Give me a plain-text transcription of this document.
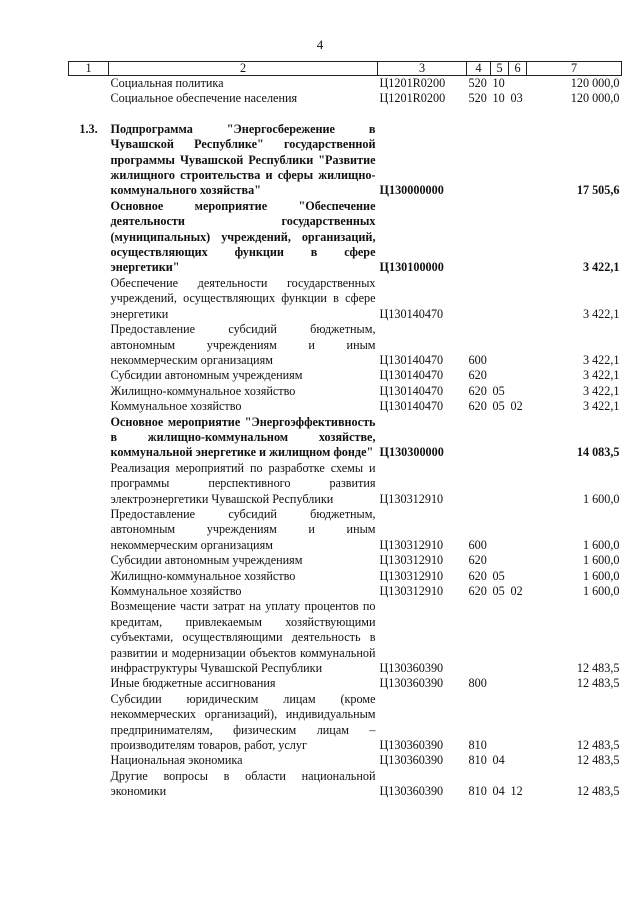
4
1	2	3	4	5	6	7
	Социальная политика	Ц1201R0200	520	10		120 000,0
	Социальное обеспечение населения	Ц1201R0200	520	10	03	120 000,0

1.3.	Подпрограмма "Энергосбережение в Чувашской Республике" государственной программы Чувашской Республики "Развитие жилищного строительства и сферы жилищно-коммунального хозяйства"	Ц130000000				17 505,6
	Основное мероприятие "Обеспечение деятельности государственных (муниципальных) учреждений, организаций, осуществляющих функции в сфере энергетики"	Ц130100000				3 422,1
	Обеспечение деятельности государственных учреждений, осуществляющих функции в сфере энергетики	Ц130140470				3 422,1
	Предоставление субсидий бюджетным, автономным учреждениям и иным некоммерческим организациям	Ц130140470	600			3 422,1
	Субсидии автономным учреждениям	Ц130140470	620			3 422,1
	Жилищно-коммунальное хозяйство	Ц130140470	620	05		3 422,1
	Коммунальное хозяйство	Ц130140470	620	05	02	3 422,1
	Основное мероприятие "Энергоэффективность в жилищно-коммунальном хозяйстве, коммунальной энергетике и жилищном фонде"	Ц130300000				14 083,5
	Реализация мероприятий по разработке схемы и программы перспективного развития электроэнергетики Чувашской Республики	Ц130312910				1 600,0
	Предоставление субсидий бюджетным, автономным учреждениям и иным некоммерческим организациям	Ц130312910	600			1 600,0
	Субсидии автономным учреждениям	Ц130312910	620			1 600,0
	Жилищно-коммунальное хозяйство	Ц130312910	620	05		1 600,0
	Коммунальное хозяйство	Ц130312910	620	05	02	1 600,0
	Возмещение части затрат на уплату процентов по кредитам, привлекаемым хозяйствующими субъектами, осуществляющими деятельность в развитии и модернизации объектов коммунальной инфраструктуры Чувашской Республики	Ц130360390				12 483,5
	Иные бюджетные ассигнования	Ц130360390	800			12 483,5
	Субсидии юридическим лицам (кроме некоммерческих организаций), индивидуальным предпринимателям, физическим лицам – производителям товаров, работ, услуг	Ц130360390	810			12 483,5
	Национальная экономика	Ц130360390	810	04		12 483,5
	Другие вопросы в области национальной экономики	Ц130360390	810	04	12	12 483,5
